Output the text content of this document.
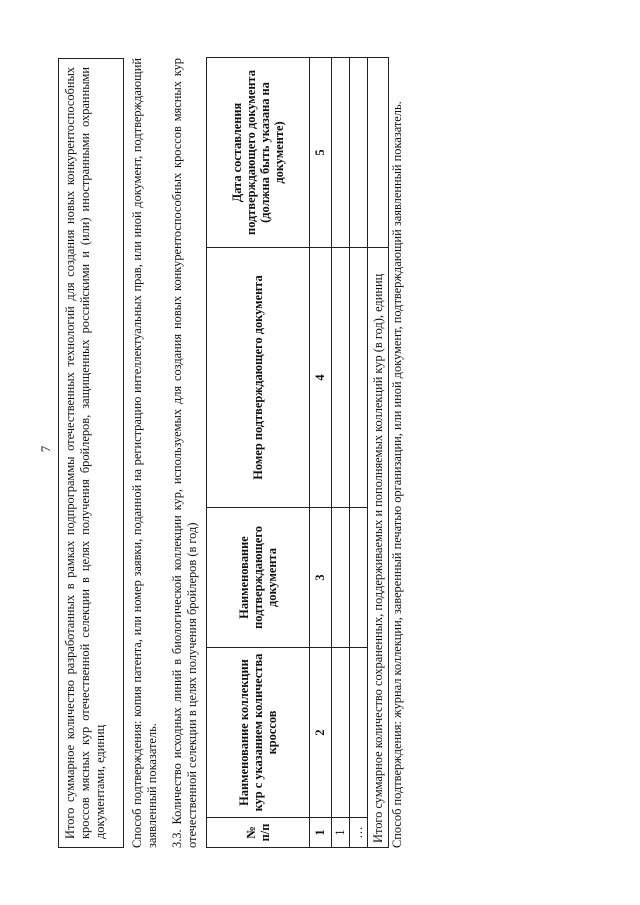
7 Итого суммарное количество разработанных в рамках подпрограммы отечественных технологий для создания новых конкурентоспособных кроссов мясных кур отечественной селекции в целях получения бройлеров, защищенных российскими и (или) иностранными охранными документами, единиц	Способ подтверждения: копия патента, или номер заявки, поданной на регистрацию интеллектуальных прав, или иной документ, подтверждающий заявленный показатель. 3.3. Количество исходных линий в биологической коллекции кур, используемых для создания новых конкурентоспособных кроссов мясных кур отечественной селекции в целях получения бройлеров (в год)	№ п/п	Наименование коллекции кур с указанием количества кроссов	Наименование подтверждающего документа	Номер подтверждающего документа	Дата составления подтверждающего документа (должна быть указана на документе)
1	2	3	4	5
1				
…				
Итого суммарное количество сохраненных, поддерживаемых и пополняемых коллекций кур (в год), единиц				Способ подтверждения: журнал коллекции, заверенный печатью организации, или иной документ, подтверждающий заявленный показатель.
